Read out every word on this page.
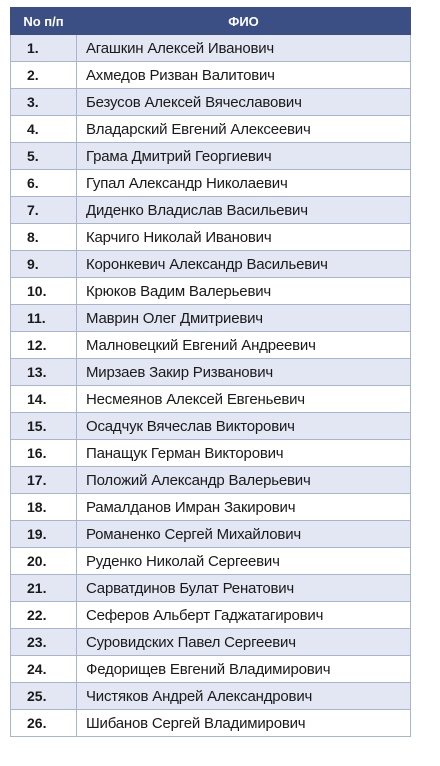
No п/п	ФИО
1.	Агашкин Алексей Иванович
2.	Ахмедов Ризван Валитович
3.	Безусов Алексей Вячеславович
4.	Владарский Евгений Алексеевич
5.	Грама Дмитрий Георгиевич
6.	Гупал Александр Николаевич
7.	Диденко Владислав Васильевич
8.	Карчиго Николай Иванович
9.	Коронкевич Александр Васильевич
10.	Крюков Вадим Валерьевич
11.	Маврин Олег Дмитриевич
12.	Малновецкий Евгений Андреевич
13.	Мирзаев Закир Ризванович
14.	Несмеянов Алексей Евгеньевич
15.	Осадчук Вячеслав Викторович
16.	Панащук Герман Викторович
17.	Положий Александр Валерьевич
18.	Рамалданов Имран Закирович
19.	Романенко Сергей Михайлович
20.	Руденко Николай Сергеевич
21.	Сарватдинов Булат Ренатович
22.	Сеферов Альберт Гаджатагирович
23.	Суровидских Павел Сергеевич
24.	Федорищев Евгений Владимирович
25.	Чистяков Андрей Александрович
26.	Шибанов Сергей Владимирович
